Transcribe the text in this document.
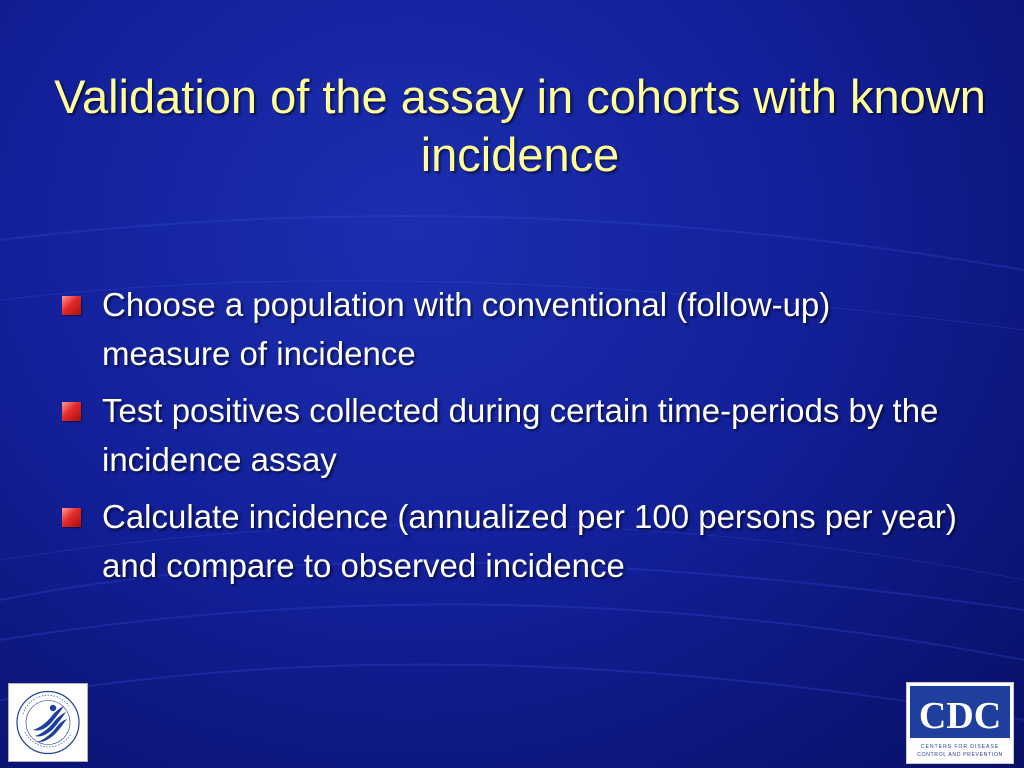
Validation of the assay in cohorts with known incidence
Choose a population with conventional (follow-up) measure of incidence
Test positives collected during certain time-periods by the incidence assay
Calculate incidence (annualized per 100 persons per year) and compare to observed incidence
CDC
CENTERS FOR DISEASE
CONTROL AND PREVENTION
